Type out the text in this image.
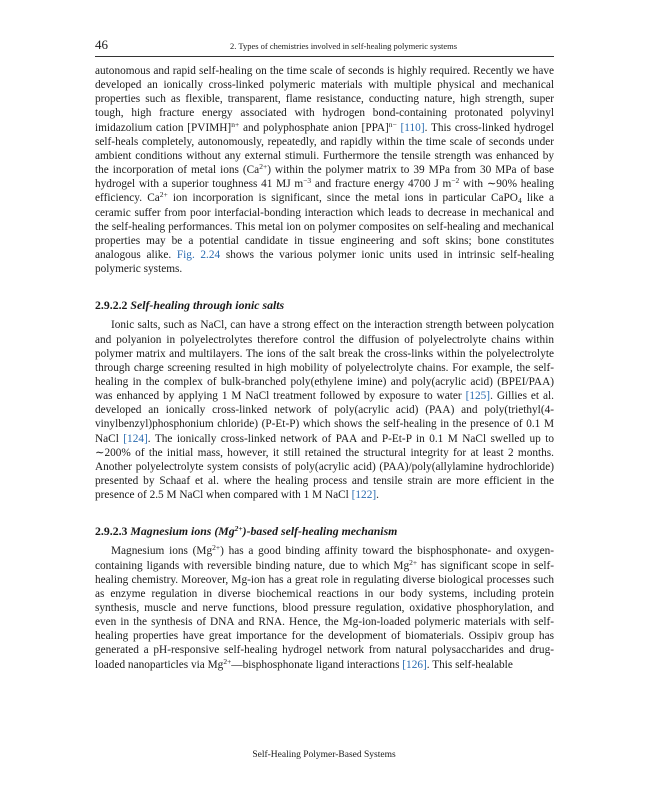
46	2. Types of chemistries involved in self-healing polymeric systems

autonomous and rapid self-healing on the time scale of seconds is highly required. Recently we have developed an ionically cross-linked polymeric materials with multiple physical and mechanical properties such as flexible, transparent, flame resistance, conducting nature, high strength, super tough, high fracture energy associated with hydrogen bond-containing protonated polyvinyl imidazolium cation [PVIMH]$^{n+}$ and polyphosphate anion [PPA]$^{n-}$ [110]. This cross-linked hydrogel self-heals completely, autonomously, repeatedly, and rapidly within the time scale of seconds under ambient conditions without any external stimuli. Furthermore the tensile strength was enhanced by the incorporation of metal ions $(Ca^{2+})$ within the polymer matrix to 39 MPa from 30 MPa of base hydrogel with a superior toughness 41 MJ $m^{-3}$ and fracture energy 4700 J $m^{-2}$ with ∼90% healing efficiency. $Ca^{2+}$ ion incorporation is significant, since the metal ions in particular CaPO$_4$ like a ceramic suffer from poor interfacial-bonding interaction which leads to decrease in mechanical and the self-healing performances. This metal ion on polymer composites on self-healing and mechanical properties may be a potential candidate in tissue engineering and soft skins; bone constitutes analogous alike. Fig. 2.24 shows the various polymer ionic units used in intrinsic self-healing polymeric systems.

2.9.2.2 Self-healing through ionic salts

Ionic salts, such as NaCl, can have a strong effect on the interaction strength between polycation and polyanion in polyelectrolytes therefore control the diffusion of polyelectrolyte chains within polymer matrix and multilayers. The ions of the salt break the cross-links within the polyelectrolyte through charge screening resulted in high mobility of polyelectrolyte chains. For example, the self-healing in the complex of bulk-branched poly(ethylene imine) and poly(acrylic acid) (BPEI/PAA) was enhanced by applying 1 M NaCl treatment followed by exposure to water [125]. Gillies et al. developed an ionically cross-linked network of poly(acrylic acid) (PAA) and poly(triethyl(4-vinylbenzyl)phosphonium chloride) (P-Et-P) which shows the self-healing in the presence of 0.1 M NaCl [124]. The ionically cross-linked network of PAA and P-Et-P in 0.1 M NaCl swelled up to ∼200% of the initial mass, however, it still retained the structural integrity for at least 2 months. Another polyelectrolyte system consists of poly(acrylic acid) (PAA)/poly(allylamine hydrochloride) presented by Schaaf et al. where the healing process and tensile strain are more efficient in the presence of 2.5 M NaCl when compared with 1 M NaCl [122].

2.9.2.3 Magnesium ions $(Mg^{2+})$-based self-healing mechanism

Magnesium ions $(Mg^{2+})$ has a good binding affinity toward the bisphosphonate- and oxygen-containing ligands with reversible binding nature, due to which $Mg^{2+}$ has significant scope in self-healing chemistry. Moreover, Mg-ion has a great role in regulating diverse biological processes such as enzyme regulation in diverse biochemical reactions in our body systems, including protein synthesis, muscle and nerve functions, blood pressure regulation, oxidative phosphorylation, and even in the synthesis of DNA and RNA. Hence, the Mg-ion-loaded polymeric materials with self-healing properties have great importance for the development of biomaterials. Ossipiv group has generated a pH-responsive self-healing hydrogel network from natural polysaccharides and drug-loaded nanoparticles via $Mg^{2+}—bisphosphonate$ ligand interactions [126]. This self-healable

Self-Healing Polymer-Based Systems
